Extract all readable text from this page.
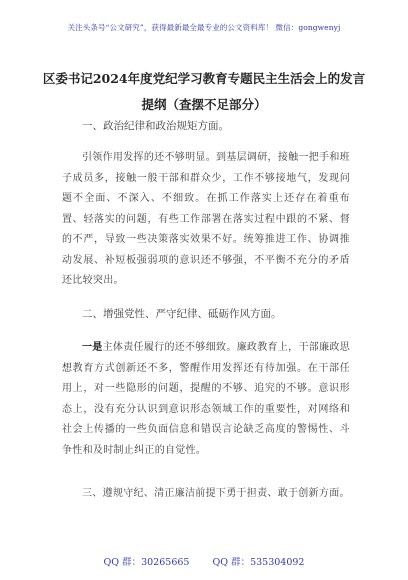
关注头条号“公文研究”，获得最新最全最专业的公文资料库！ 微信：gongwenyj
区委书记2024年度党纪学习教育专题民主生活会上的发言
提纲（查摆不足部分）
一、政治纪律和政治规矩方面。
引领作用发挥的还不够明显。到基层调研，接触一把手和班子成员多，接触一般干部和群众少，工作不够接地气，发现问题不全面、不深入、不细致。在抓工作落实上还存在着重布置、轻落实的问题，有些工作部署在落实过程中跟的不紧、督的不严，导致一些决策落实效果不好。统筹推进工作、协调推动发展、补短板强弱项的意识还不够强，不平衡不充分的矛盾还比较突出。
二、增强党性、严守纪律、砥砺作风方面。
一是主体责任履行的还不够细致。廉政教育上，干部廉政思想教育方式创新还不多，警醒作用发挥还有待加强。在干部任用上，对一些隐形的问题，提醒的不够、追究的不够。意识形态上，没有充分认识到意识形态领域工作的重要性，对网络和社会上传播的一些负面信息和错误言论缺乏高度的警惕性、斗争性和及时制止纠正的自觉性。
三、遵规守纪、清正廉洁前提下勇于担责、敢于创新方面。
QQ 群：30265665 QQ 群：535304092
